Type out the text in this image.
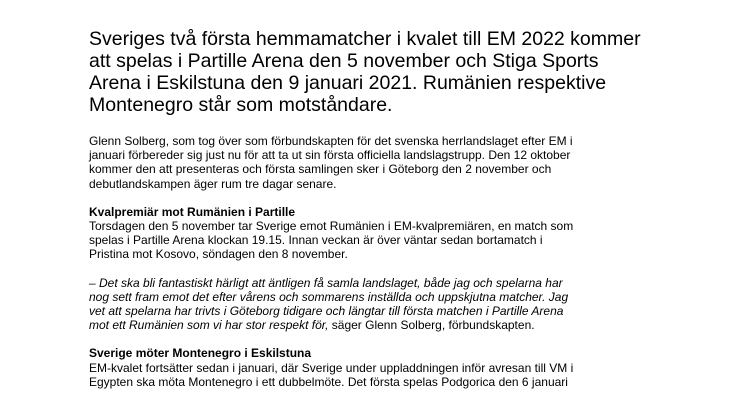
Sveriges två första hemmamatcher i kvalet till EM 2022 kommer
att spelas i Partille Arena den 5 november och Stiga Sports
Arena i Eskilstuna den 9 januari 2021. Rumänien respektive
Montenegro står som motståndare.

Glenn Solberg, som tog över som förbundskapten för det svenska herrlandslaget efter EM i
januari förbereder sig just nu för att ta ut sin första officiella landslagstrupp. Den 12 oktober
kommer den att presenteras och första samlingen sker i Göteborg den 2 november och
debutlandskampen äger rum tre dagar senare.

Kvalpremiär mot Rumänien i Partille

Torsdagen den 5 november tar Sverige emot Rumänien i EM-kvalpremiären, en match som
spelas i Partille Arena klockan 19.15. Innan veckan är över väntar sedan bortamatch i
Pristina mot Kosovo, söndagen den 8 november.

– Det ska bli fantastiskt härligt att äntligen få samla landslaget, både jag och spelarna har
nog sett fram emot det efter vårens och sommarens inställda och uppskjutna matcher. Jag
vet att spelarna har trivts i Göteborg tidigare och längtar till första matchen i Partille Arena
mot ett Rumänien som vi har stor respekt för, säger Glenn Solberg, förbundskapten.

Sverige möter Montenegro i Eskilstuna

EM-kvalet fortsätter sedan i januari, där Sverige under uppladdningen inför avresan till VM i
Egypten ska möta Montenegro i ett dubbelmöte. Det första spelas Podgorica den 6 januari
